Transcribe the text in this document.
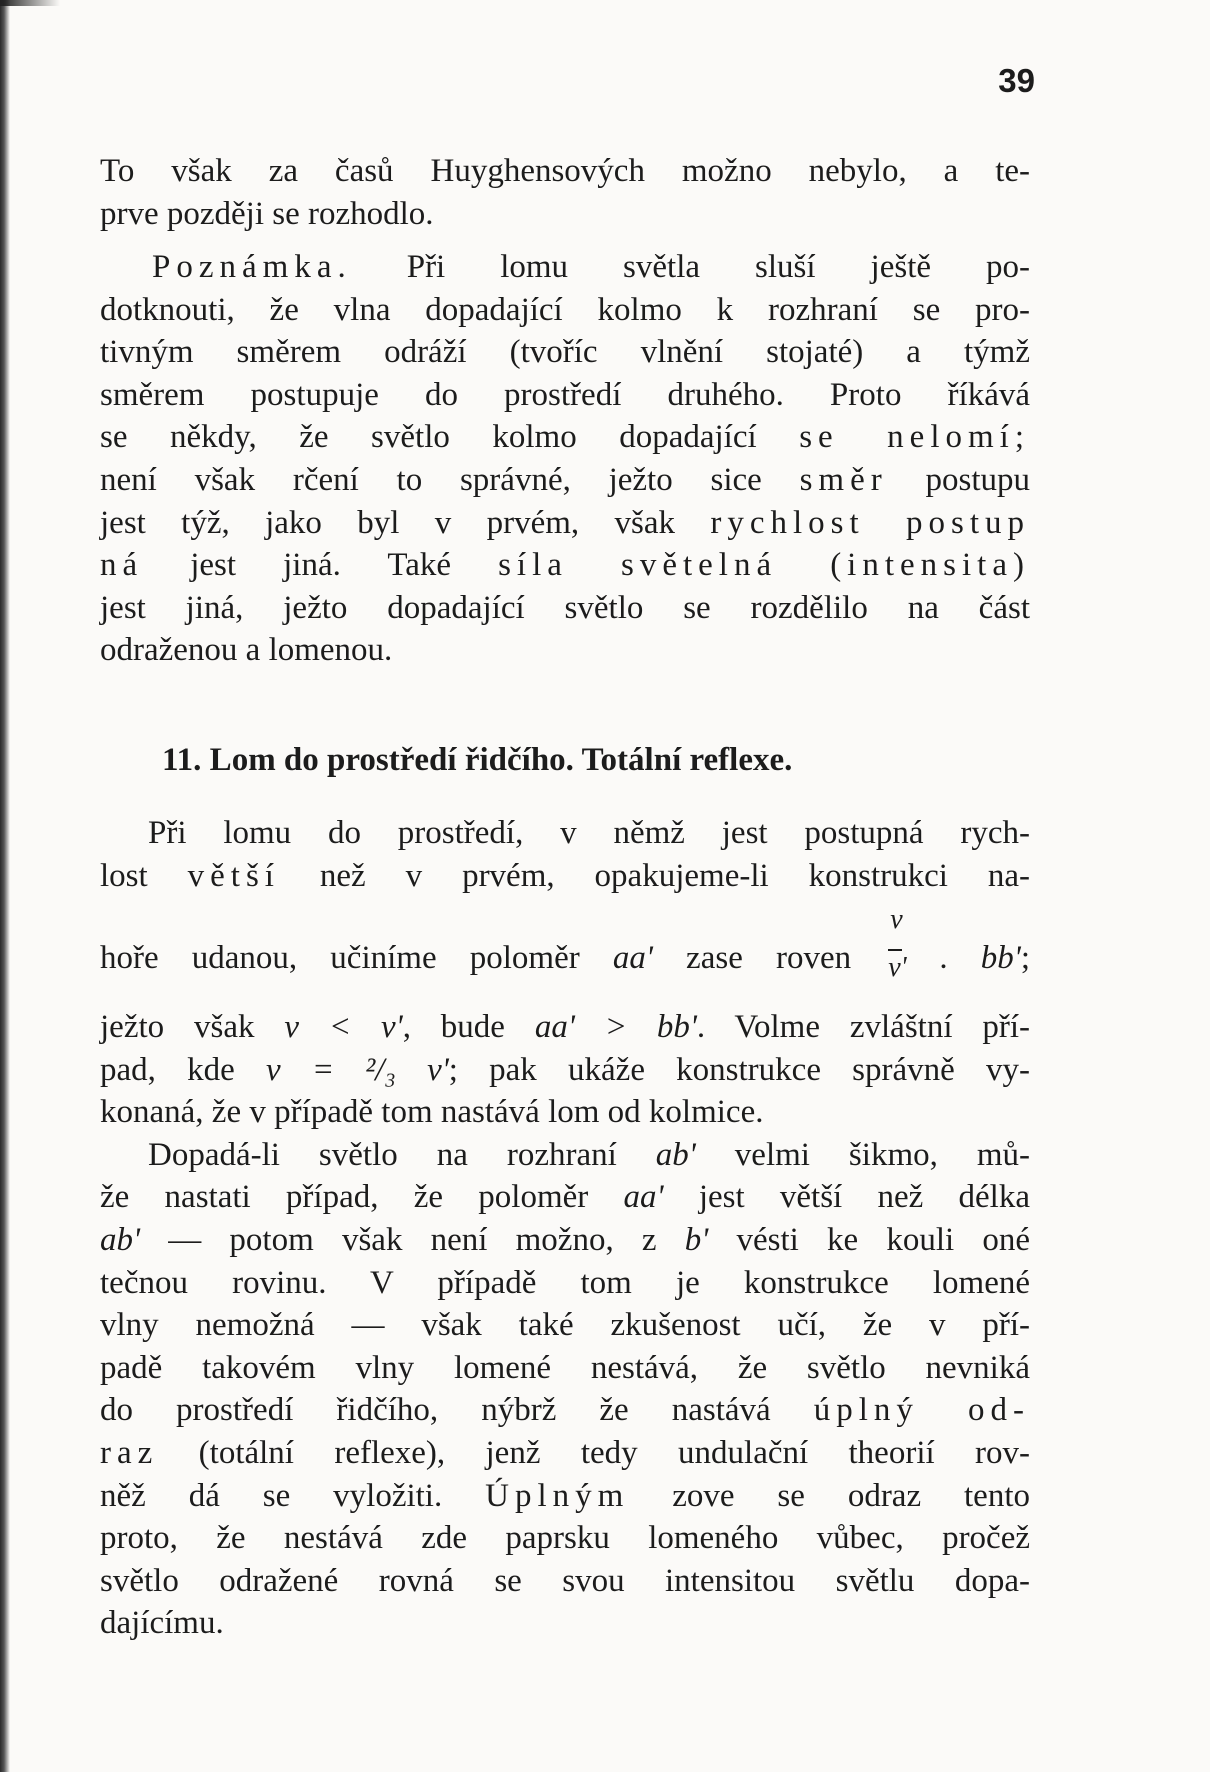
39
To však za časů Huyghensových možno nebylo, a te-
prve později se rozhodlo.
Poznámka. Při lomu světla sluší ještě po-
dotknouti, že vlna dopadající kolmo k rozhraní se pro-
tivným směrem odráží (tvoříc vlnění stojaté) a týmž
směrem postupuje do prostředí druhého. Proto říkává
se někdy, že světlo kolmo dopadající se nelomí;
není však rčení to správné, ježto sice směr postupu
jest týž, jako byl v prvém, však rychlost postup
ná jest jiná. Také síla světelná (intensita)
jest jiná, ježto dopadající světlo se rozdělilo na část
odraženou a lomenou.
11. Lom do prostředí řidčího. Totální reflexe.
Při lomu do prostředí, v němž jest postupná rych-
lost větší než v prvém, opakujeme-li konstrukci na-
hoře udanou, učiníme poloměr aa' zase roven $\frac{v}{v'}$ . bb';
ježto však v < v', bude aa' > bb'. Volme zvláštní pří-
pad, kde v = ²/₃ v'; pak ukáže konstrukce správně vy-
konaná, že v případě tom nastává lom od kolmice.
Dopadá-li světlo na rozhraní ab' velmi šikmo, mů-
že nastati případ, že poloměr aa' jest větší než délka
ab' — potom však není možno, z b' vésti ke kouli oné
tečnou rovinu. V případě tom je konstrukce lomené
vlny nemožná — však také zkušenost učí, že v pří-
padě takovém vlny lomené nestává, že světlo nevniká
do prostředí řidčího, nýbrž že nastává úplný od-
raz (totální reflexe), jenž tedy undulační theorií rov-
něž dá se vyložiti. Úplným zove se odraz tento
proto, že nestává zde paprsku lomeného vůbec, pročež
světlo odražené rovná se svou intensitou světlu dopa-
dajícímu.
